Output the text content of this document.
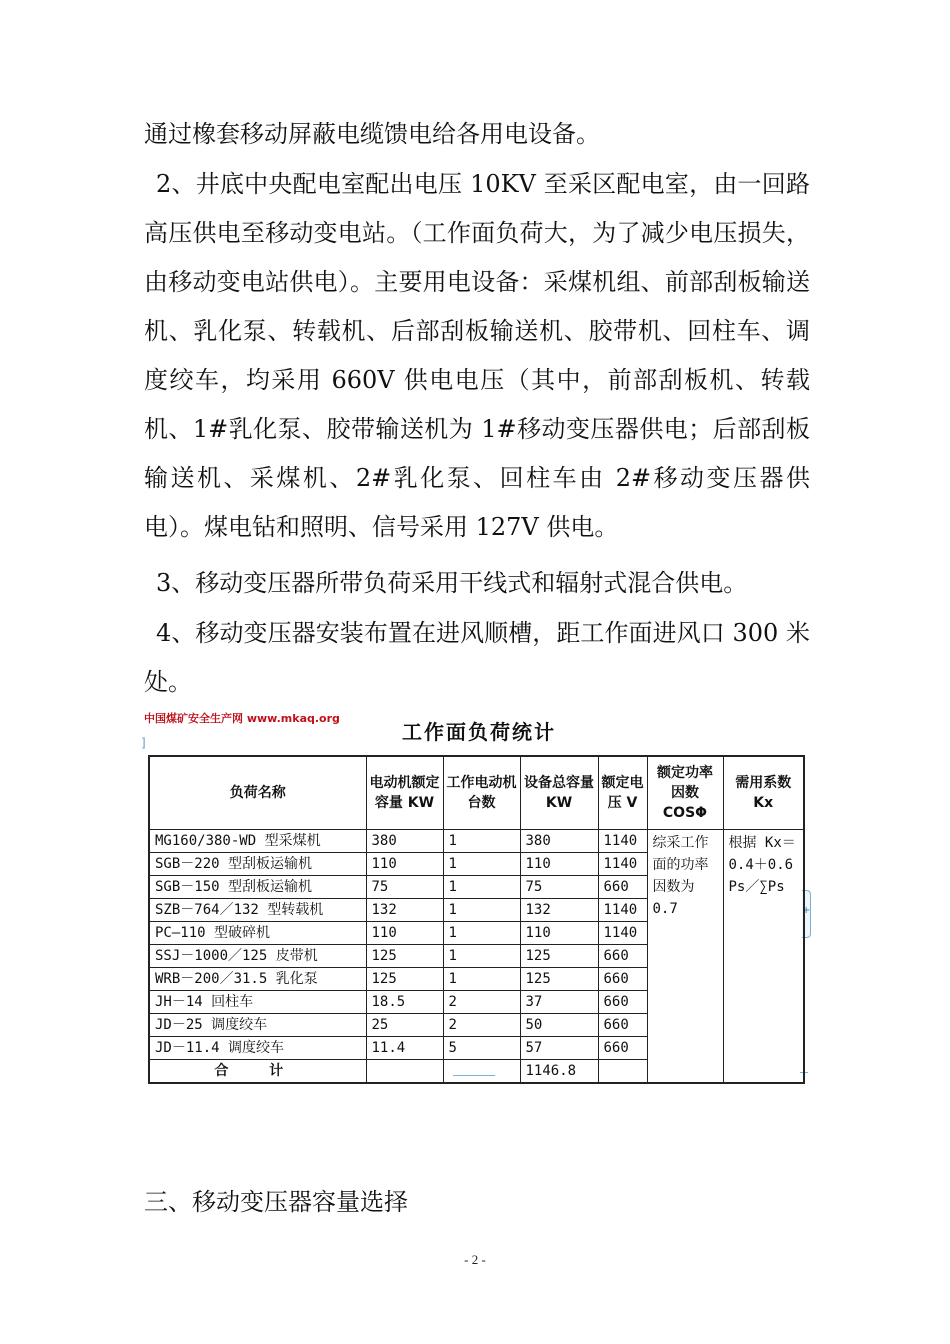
通过橡套移动屏蔽电缆馈电给各用电设备。
2、井底中央配电室配出电压 10KV 至采区配电室，由一回路高压供电至移动变电站。（工作面负荷大，为了减少电压损失，由移动变电站供电）。主要用电设备：采煤机组、前部刮板输送机、乳化泵、转载机、后部刮板输送机、胶带机、回柱车、调度绞车，均采用 660V 供电电压（其中，前部刮板机、转载机、1#乳化泵、胶带输送机为 1#移动变压器供电；后部刮板输送机、采煤机、2#乳化泵、回柱车由 2#移动变压器供电）。煤电钻和照明、信号采用 127V 供电。
3、移动变压器所带负荷采用干线式和辐射式混合供电。
4、移动变压器安装布置在进风顺槽，距工作面进风口 300 米处。
中国煤矿安全生产网 www.mkaq.org
工作面负荷统计
]
+
负荷名称	电动机额定容量 KW	工作电动机台数	设备总容量 KW	额定电压 V	额定功率因数 COSΦ	需用系数 Kx
MG160/380-WD 型采煤机	380	1	380	1140	综采工作面的功率因数为 0.7	根据 Kx＝0.4＋0.6Ps／∑Ps
SGB－220 型刮板运输机	110	1	110	1140		
SGB－150 型刮板运输机	75	1	75	660		
SZB－764／132 型转载机	132	1	132	1140		
PC—110 型破碎机	110	1	110	1140		
SSJ－1000／125 皮带机	125	1	125	660		
WRB－200／31.5 乳化泵	125	1	125	660		
JH－14 回柱车	18.5	2	37	660		
JD－25 调度绞车	25	2	50	660		
JD－11.4 调度绞车	11.4	5	57	660		
合 计			1146.8			
三、移动变压器容量选择
- 2 -
